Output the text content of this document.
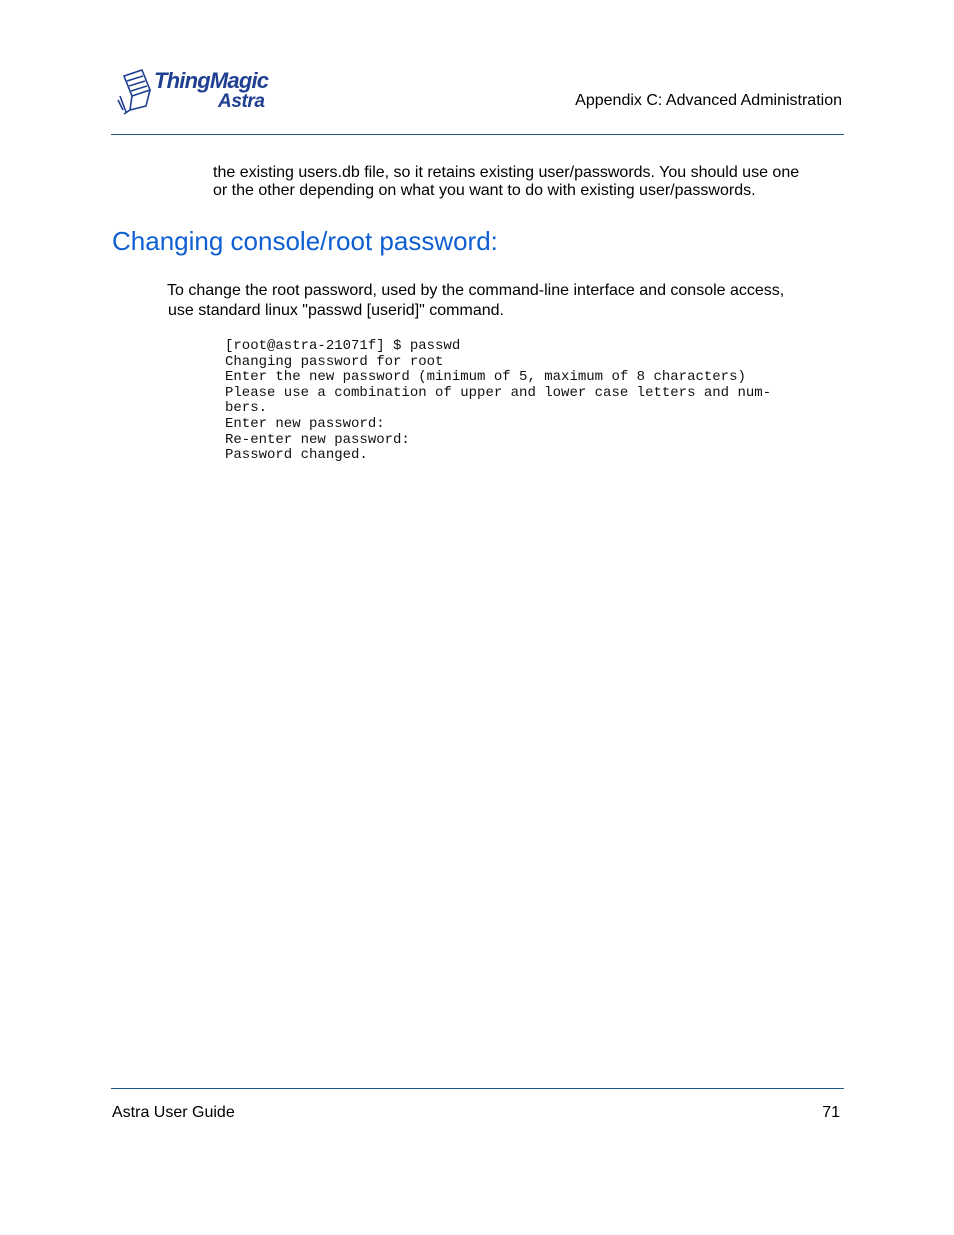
ThingMagic
Astra	Appendix C: Advanced Administration

the existing users.db file, so it retains existing user/passwords. You should use one

or the other depending on what you want to do with existing user/passwords.

Changing console/root password:

To change the root password, used by the command-line interface and console access,

use standard linux "passwd [userid]" command.

[root@astra-21071f] $ passwd
Changing password for root
Enter the new password (minimum of 5, maximum of 8 characters)
Please use a combination of upper and lower case letters and num-
bers.
Enter new password:
Re-enter new password:
Password changed.
Astra User Guide	71
